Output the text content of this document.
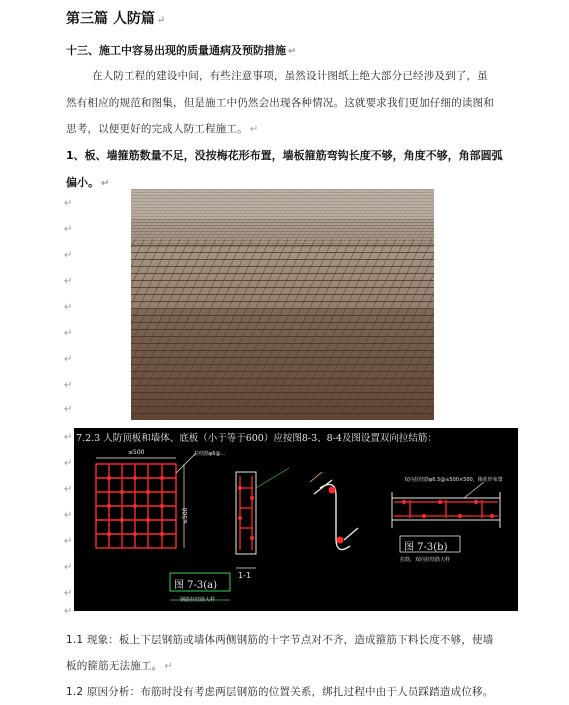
第三篇 人防篇 ↵
十三、施工中容易出现的质量通病及预防措施 ↵
在人防工程的建设中间，有些注意事项，虽然设计图纸上绝大部分已经涉及到了，虽
然有相应的规范和图集，但是施工中仍然会出现各种情况。这就要求我们更加仔细的读图和
思考，以便更好的完成人防工程施工。 ↵
1、板、墙箍筋数量不足，没按梅花形布置，墙板箍筋弯钩长度不够，角度不够，角部圆弧
偏小。 ↵
↵
↵
↵
↵
↵
↵
↵
↵
↵
↵
↵
↵
↵
↵
↵
↵
↵
7.2.3 人防顶板和墙体、底板（小于等于600）应按图8-3、8-4及图设置双向拉结筋：
≤500
≤500
拉结筋φ6@...
图 7-3(a)
钢筋拉结筋大样
1-1
图 7-3(b)
拉筋，双向拉结筋大样
双向拉结筋φ6.5@≤500×500，梅花形布置
1.1 现象：板上下层钢筋或墙体两侧钢筋的十字节点对不齐，造成箍筋下料长度不够，使墙
板的箍筋无法施工。 ↵
1.2 原因分析：布筋时没有考虑两层钢筋的位置关系，绑扎过程中由于人员踩踏造成位移。
